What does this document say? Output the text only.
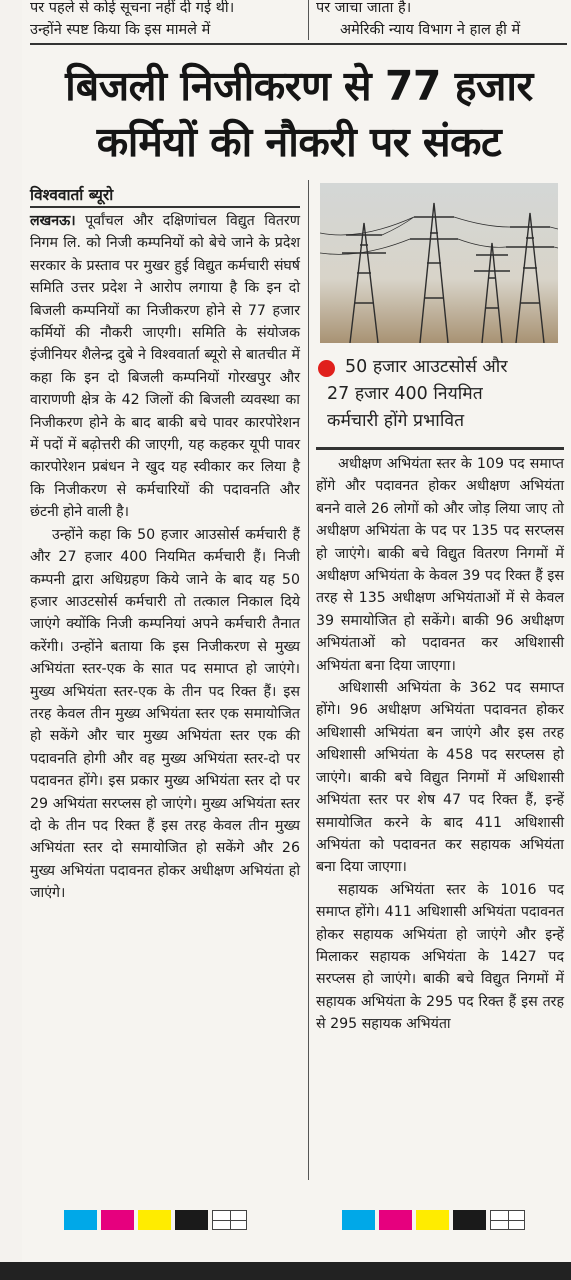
पर पहले से कोई सूचना नहीं दी गई थी।
उन्होंने स्पष्ट किया कि इस मामले में
पर जाचा जाता है।
अमेरिकी न्याय विभाग ने हाल ही में
बिजली निजीकरण से 77 हजार
कर्मियों की नौकरी पर संकट
विश्ववार्ता ब्यूरो

लखनऊ। पूर्वांचल और दक्षिणांचल विद्युत वितरण निगम लि. को निजी कम्पनियों को बेचे जाने के प्रदेश सरकार के प्रस्ताव पर मुखर हुई विद्युत कर्मचारी संघर्ष समिति उत्तर प्रदेश ने आरोप लगाया है कि इन दो बिजली कम्पनियों का निजीकरण होने से 77 हजार कर्मियों की नौकरी जाएगी। समिति के संयोजक इंजीनियर शैलेन्द्र दुबे ने विश्ववार्ता ब्यूरो से बातचीत में कहा कि इन दो बिजली कम्पनियों गोरखपुर और वाराणणी क्षेत्र के 42 जिलों की बिजली व्यवस्था का निजीकरण होने के बाद बाकी बचे पावर कारपोरेशन में पदों में बढ़ोत्तरी की जाएगी, यह कहकर यूपी पावर कारपोरेशन प्रबंधन ने खुद यह स्वीकार कर लिया है कि निजीकरण से कर्मचारियों की पदावनति और छंटनी होने वाली है।

उन्होंने कहा कि 50 हजार आउसोर्स कर्मचारी हैं और 27 हजार 400 नियमित कर्मचारी हैं। निजी कम्पनी द्वारा अधिग्रहण किये जाने के बाद यह 50 हजार आउटसोर्स कर्मचारी तो तत्काल निकाल दिये जाएंगे क्योंकि निजी कम्पनियां अपने कर्मचारी तैनात करेंगी। उन्होंने बताया कि इस निजीकरण से मुख्य अभियंता स्तर-एक के सात पद समाप्त हो जाएंगे। मुख्य अभियंता स्तर-एक के तीन पद रिक्त हैं। इस तरह केवल तीन मुख्य अभियंता स्तर एक समायोजित हो सकेंगे और चार मुख्य अभियंता स्तर एक की पदावनति होगी और वह मुख्य अभियंता स्तर-दो पर पदावनत होंगे। इस प्रकार मुख्य अभियंता स्तर दो पर 29 अभियंता सरप्लस हो जाएंगे। मुख्य अभियंता स्तर दो के तीन पद रिक्त हैं इस तरह केवल तीन मुख्य अभियंता स्तर दो समायोजित हो सकेंगे और 26 मुख्य अभियंता पदावनत होकर अधीक्षण अभियंता हो जाएंगे।

50 हजार आउटसोर्स और
27 हजार 400 नियमित
कर्मचारी होंगे प्रभावित

अधीक्षण अभियंता स्तर के 109 पद समाप्त होंगे और पदावनत होकर अधीक्षण अभियंता बनने वाले 26 लोगों को और जोड़ लिया जाए तो अधीक्षण अभियंता के पद पर 135 पद सरप्लस हो जाएंगे। बाकी बचे विद्युत वितरण निगमों में अधीक्षण अभियंता के केवल 39 पद रिक्त हैं इस तरह से 135 अधीक्षण अभियंताओं में से केवल 39 समायोजित हो सकेंगे। बाकी 96 अधीक्षण अभियंताओं को पदावनत कर अधिशासी अभियंता बना दिया जाएगा।

अधिशासी अभियंता के 362 पद समाप्त होंगे। 96 अधीक्षण अभियंता पदावनत होकर अधिशासी अभियंता बन जाएंगे और इस तरह अधिशासी अभियंता के 458 पद सरप्लस हो जाएंगे। बाकी बचे विद्युत निगमों में अधिशासी अभियंता स्तर पर शेष 47 पद रिक्त हैं, इन्हें समायोजित करने के बाद 411 अधिशासी अभियंता को पदावनत कर सहायक अभियंता बना दिया जाएगा।

सहायक अभियंता स्तर के 1016 पद समाप्त होंगे। 411 अधिशासी अभियंता पदावनत होकर सहायक अभियंता हो जाएंगे और इन्हें मिलाकर सहायक अभियंता के 1427 पद सरप्लस हो जाएंगे। बाकी बचे विद्युत निगमों में सहायक अभियंता के 295 पद रिक्त हैं इस तरह से 295 सहायक अभियंता
